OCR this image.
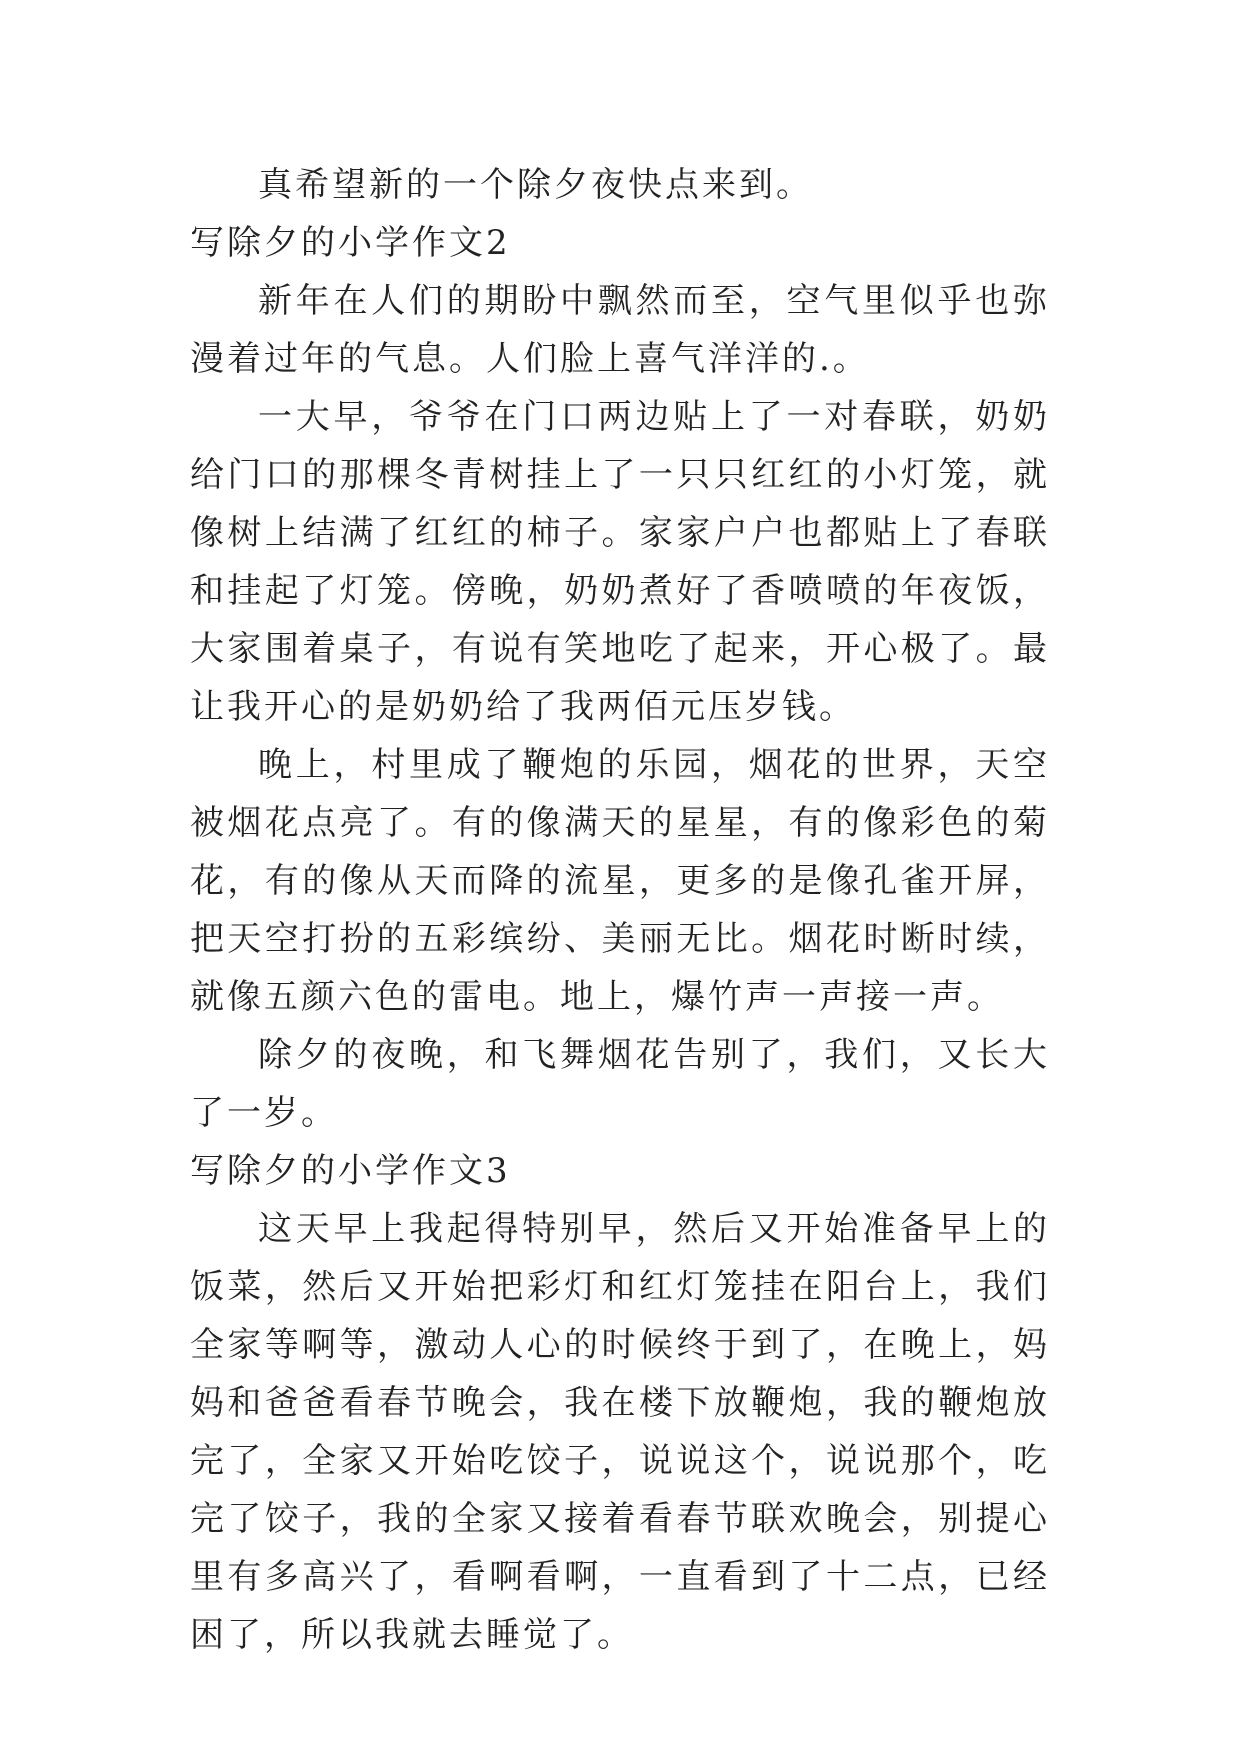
真希望新的一个除夕夜快点来到。

写除夕的小学作文2

新年在人们的期盼中飘然而至，空气里似乎也弥漫着过年的气息。人们脸上喜气洋洋的.。

一大早，爷爷在门口两边贴上了一对春联，奶奶给门口的那棵冬青树挂上了一只只红红的小灯笼，就像树上结满了红红的柿子。家家户户也都贴上了春联和挂起了灯笼。傍晚，奶奶煮好了香喷喷的年夜饭，大家围着桌子，有说有笑地吃了起来，开心极了。最让我开心的是奶奶给了我两佰元压岁钱。

晚上，村里成了鞭炮的乐园，烟花的世界，天空被烟花点亮了。有的像满天的星星，有的像彩色的菊花，有的像从天而降的流星，更多的是像孔雀开屏，把天空打扮的五彩缤纷、美丽无比。烟花时断时续，就像五颜六色的雷电。地上，爆竹声一声接一声。

除夕的夜晚，和飞舞烟花告别了，我们，又长大了一岁。

写除夕的小学作文3

这天早上我起得特别早，然后又开始准备早上的饭菜，然后又开始把彩灯和红灯笼挂在阳台上，我们全家等啊等，激动人心的时候终于到了，在晚上，妈妈和爸爸看春节晚会，我在楼下放鞭炮，我的鞭炮放完了，全家又开始吃饺子，说说这个，说说那个，吃完了饺子，我的全家又接着看春节联欢晚会，别提心里有多高兴了，看啊看啊，一直看到了十二点，已经困了，所以我就去睡觉了。
